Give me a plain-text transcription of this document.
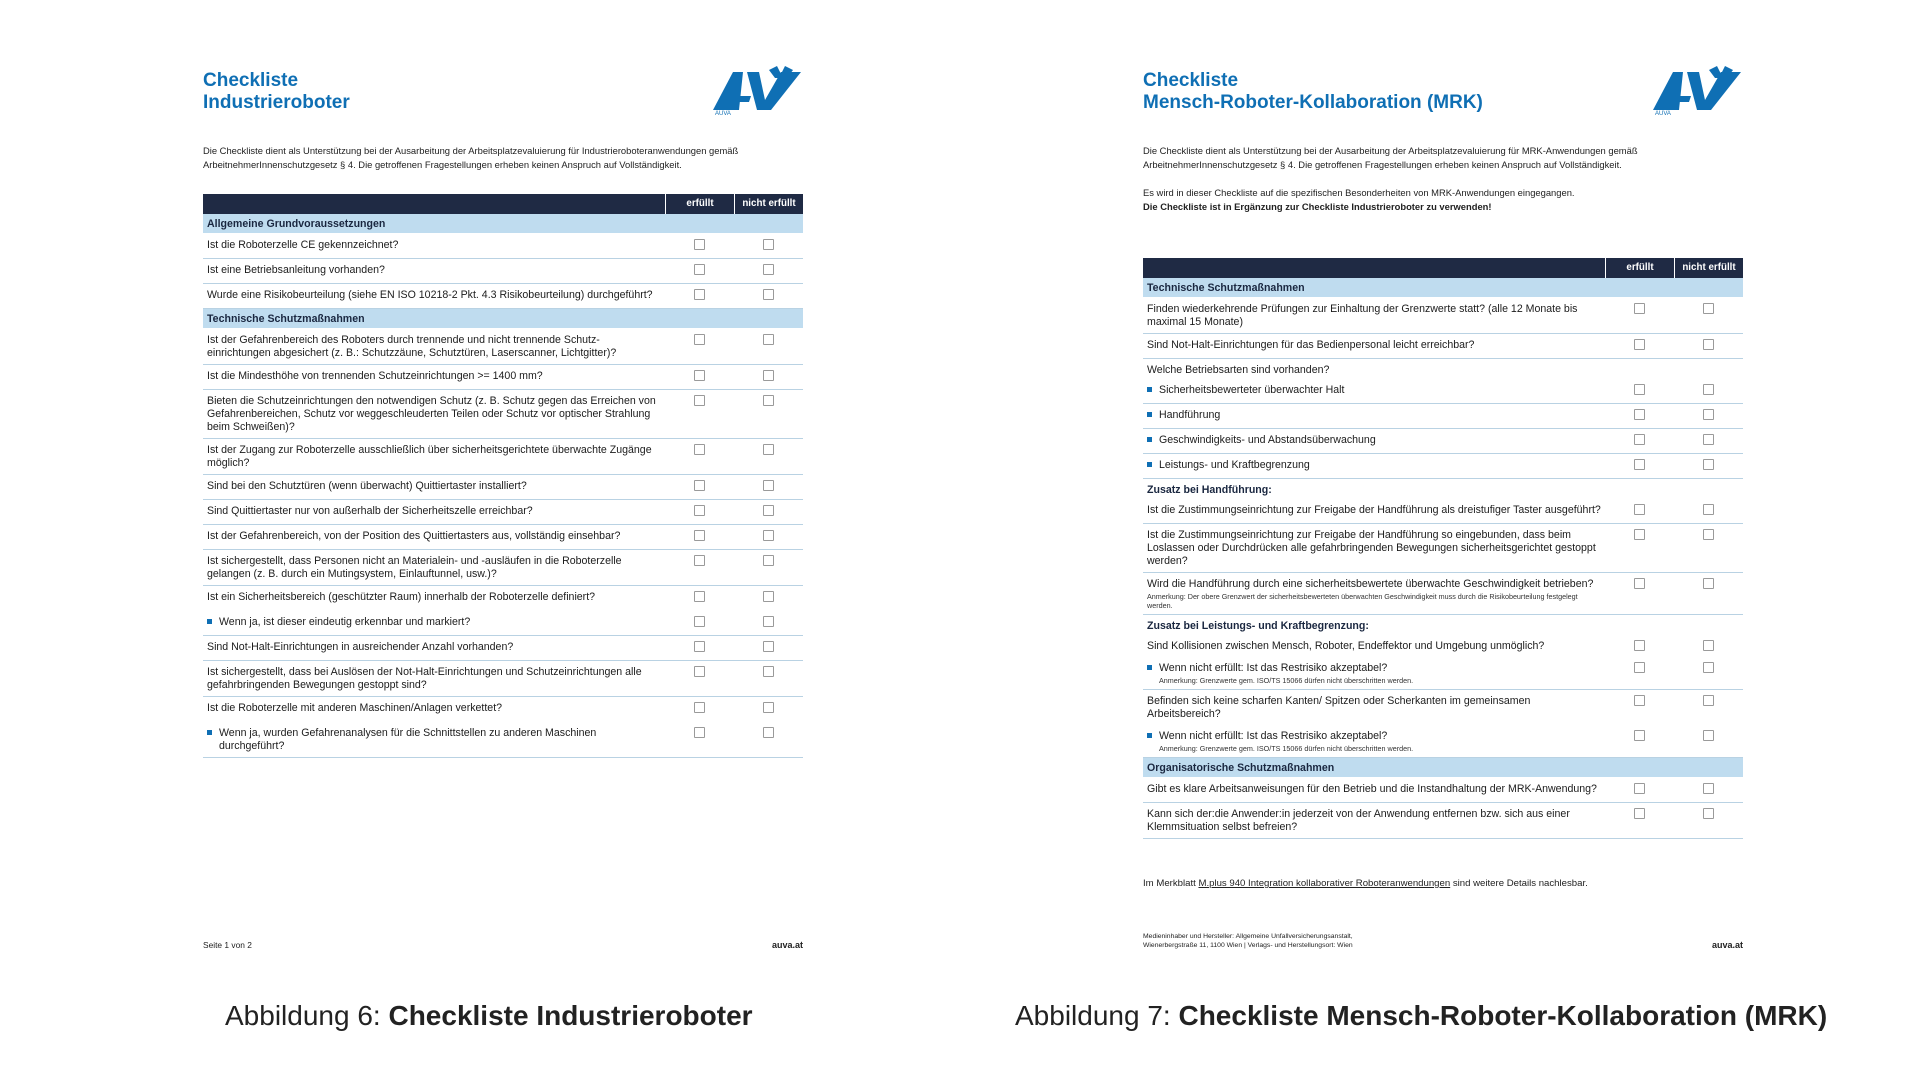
Checkliste
Industrieroboter
AUVA

Die Checkliste dient als Unterstützung bei der Ausarbeitung der Arbeitsplatzevaluierung für Industrieroboteranwendungen gemäß ArbeitnehmerInnenschutzgesetz § 4. Die getroffenen Fragestellungen erheben keinen Anspruch auf Vollständigkeit.

erfüllt	nicht erfüllt
Allgemeine Grundvoraussetzungen
Ist die Roboterzelle CE gekennzeichnet?
Ist eine Betriebsanleitung vorhanden?
Wurde eine Risikobeurteilung (siehe EN ISO 10218-2 Pkt. 4.3 Risikobeurteilung) durchgeführt?
Technische Schutzmaßnahmen
Ist der Gefahrenbereich des Roboters durch trennende und nicht trennende Schutz-einrichtungen abgesichert (z. B.: Schutzzäune, Schutztüren, Laserscanner, Lichtgitter)?
Ist die Mindesthöhe von trennenden Schutzeinrichtungen >= 1400 mm?
Bieten die Schutzeinrichtungen den notwendigen Schutz (z. B. Schutz gegen das Erreichen von Gefahrenbereichen, Schutz vor weggeschleuderten Teilen oder Schutz vor optischer Strahlung beim Schweißen)?
Ist der Zugang zur Roboterzelle ausschließlich über sicherheitsgerichtete überwachte Zugänge möglich?
Sind bei den Schutztüren (wenn überwacht) Quittiertaster installiert?
Sind Quittiertaster nur von außerhalb der Sicherheitszelle erreichbar?
Ist der Gefahrenbereich, von der Position des Quittiertasters aus, vollständig einsehbar?
Ist sichergestellt, dass Personen nicht an Materialein- und -ausläufen in die Roboterzelle gelangen (z. B. durch ein Mutingsystem, Einlauftunnel, usw.)?
Ist ein Sicherheitsbereich (geschützter Raum) innerhalb der Roboterzelle definiert?
Wenn ja, ist dieser eindeutig erkennbar und markiert?
Sind Not-Halt-Einrichtungen in ausreichender Anzahl vorhanden?
Ist sichergestellt, dass bei Auslösen der Not-Halt-Einrichtungen und Schutzeinrichtungen alle gefahrbringenden Bewegungen gestoppt sind?
Ist die Roboterzelle mit anderen Maschinen/Anlagen verkettet?
Wenn ja, wurden Gefahrenanalysen für die Schnittstellen zu anderen Maschinen durchgeführt?
Seite 1 von 2	auva.at
Checkliste
Mensch-Roboter-Kollaboration (MRK)
AUVA

Die Checkliste dient als Unterstützung bei der Ausarbeitung der Arbeitsplatzevaluierung für MRK-Anwendungen gemäß ArbeitnehmerInnenschutzgesetz § 4. Die getroffenen Fragestellungen erheben keinen Anspruch auf Vollständigkeit.

Es wird in dieser Checkliste auf die spezifischen Besonderheiten von MRK-Anwendungen eingegangen.

Die Checkliste ist in Ergänzung zur Checkliste Industrieroboter zu verwenden!

erfüllt	nicht erfüllt
Technische Schutzmaßnahmen
Finden wiederkehrende Prüfungen zur Einhaltung der Grenzwerte statt? (alle 12 Monate bis maximal 15 Monate)
Sind Not-Halt-Einrichtungen für das Bedienpersonal leicht erreichbar?
Welche Betriebsarten sind vorhanden?
Sicherheitsbewerteter überwachter Halt
Handführung
Geschwindigkeits- und Abstandsüberwachung
Leistungs- und Kraftbegrenzung
Zusatz bei Handführung:
Ist die Zustimmungseinrichtung zur Freigabe der Handführung als dreistufiger Taster ausgeführt?
Ist die Zustimmungseinrichtung zur Freigabe der Handführung so eingebunden, dass beim Loslassen oder Durchdrücken alle gefahrbringenden Bewegungen sicherheitsgerichtet gestoppt werden?
Wird die Handführung durch eine sicherheitsbewertete überwachte Geschwindigkeit betrieben?
Anmerkung: Der obere Grenzwert der sicherheitsbewerteten überwachten Geschwindigkeit muss durch die Risikobeurteilung festgelegt werden.
Zusatz bei Leistungs- und Kraftbegrenzung:
Sind Kollisionen zwischen Mensch, Roboter, Endeffektor und Umgebung unmöglich?
Wenn nicht erfüllt: Ist das Restrisiko akzeptabel?
Anmerkung: Grenzwerte gem. ISO/TS 15066 dürfen nicht überschritten werden.
Befinden sich keine scharfen Kanten/ Spitzen oder Scherkanten im gemeinsamen Arbeitsbereich?
Wenn nicht erfüllt: Ist das Restrisiko akzeptabel?
Anmerkung: Grenzwerte gem. ISO/TS 15066 dürfen nicht überschritten werden.
Organisatorische Schutzmaßnahmen
Gibt es klare Arbeitsanweisungen für den Betrieb und die Instandhaltung der MRK-Anwendung?
Kann sich der:die Anwender:in jederzeit von der Anwendung entfernen bzw. sich aus einer Klemmsituation selbst befreien?
Im Merkblatt M.plus 940 Integration kollaborativer Roboteranwendungen sind weitere Details nachlesbar.
Medieninhaber und Hersteller: Allgemeine Unfallversicherungsanstalt,
Wienerbergstraße 11, 1100 Wien | Verlags- und Herstellungsort: Wien	auva.at
Abbildung 6: Checkliste Industrieroboter	Abbildung 7: Checkliste Mensch-Roboter-Kollaboration (MRK)
